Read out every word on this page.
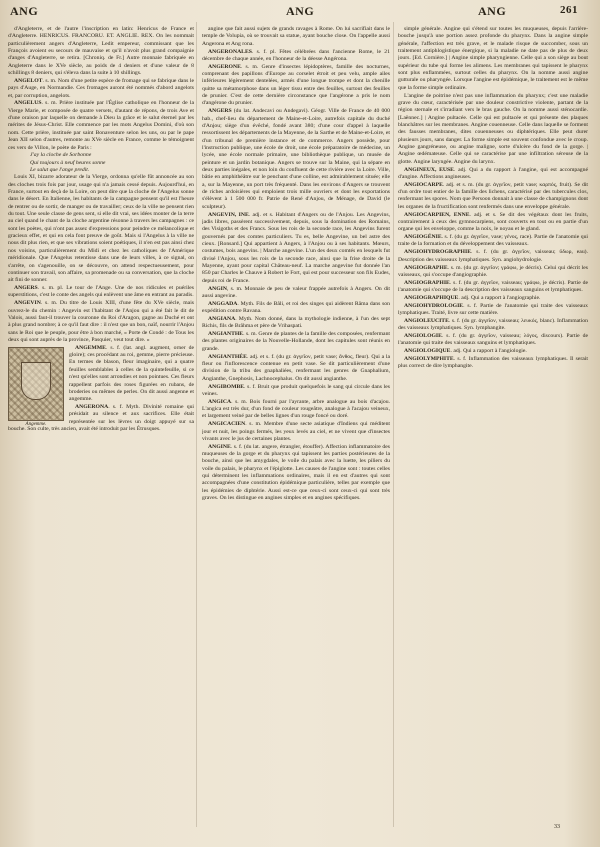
ANG	ANG	ANG	261

d'Angleterre, et de l'autre l'inscription en latin: Henricus de France et d'Angleterre. HENRICUS. FRANCORU. ET. ANGLIE. REX. On les nommait particulièrement angers d'Angleterre, Ledit empereur, commissant que les François avoient eu secours de mauvaise et qu'il n'avoit plus grand compaignie d'anges d'Angleterre, se retira. [Chroniq. de Fr.] Autre monnaie fabriquée en Angleterre dans le XVe siècle, au poids de 4 deniers et d'une valeur de 8 schillings 8 deniers, qui s'éleva dans la suite à 10 shillings.

ANGELOT. s. m. Nom d'une petite espèce de fromage qui se fabrique dans le pays d'Auge, en Normandie. Ces fromages auront été nommés d'abord angelots et, par corruption, angelots.

ANGELUS. s. m. Prière instituée par l'Église catholique en l'honneur de la Vierge Marie, et composée de quatre versets, d'autant de répons, de trois Ave et d'une oraison par laquelle on demande à Dieu la grâce et le salut éternel par les mérites de Jésus-Christ. Elle commence par les mots Angelus Domini, d'où son nom. Cette prière, instituée par saint Bonaventure selon les uns, ou par le pape Jean XII selon d'autres, remonte au XVe siècle en France, comme le témoignent ces vers de Villon, le poète de Paris :

J'ay la cloche de Sorbonne

Qui toujours à neuf heures sonne

Le salut que l'ange predit.

Louis XI, bizarre adorateur de la Vierge, ordonna qu'elle fût annoncée au son des cloches trois fois par jour, usage qui n'a jamais cessé depuis. Aujourd'hui, en France, surtout en deçà de la Loire, on peut dire que la cloche de l'Angelus sonne dans le désert. En Italienne, les habitants de la campagne pensent qu'il est l'heure de rentrer ou de sortir, de manger ou de travailler; ceux de la ville ne pensent rien du tout. Une seule classe de gens sent, si elle dit vrai, ses idées monter de la terre au ciel quand le chant de la cloche argentine résonne à travers les campagnes : ce sont les poètes, qui n'ont pas assez d'expressions pour peindre ce mélancolique et gracieux effet, et qui en cela font preuve de goût. Mais si l'Angelus à la ville ne nous dit plus rien, et que ses vibrations soient poétiques, il n'en est pas ainsi chez nos voisins, particulièrement du Midi et chez les catholiques de l'Amérique méridionale. Que l'Angelus retentisse dans une de leurs villes, à ce signal, on s'arrête, on s'agenouille, on se découvre, on attend respectueusement, pour continuer son travail, son affaire, sa promenade ou sa conversation, que la cloche ait fini de sonner.

ANGERS. s. m. pl. Le tour de l'Ange. Une de nos ridicules et puériles superstitions, c'est le conte des angels qui enlèvent une âme en entrant au paradis.

ANGEVIN. s. m. Du titre de Louis XIII, d'une fête du XVe siècle, mais ouvrez-le du chemin : Angevin est l'habitant de l'Anjou qui a été fait le dit de Valois, aussi faut-il trouver la couronne du Roi d'Aragon, gagne au Duché et ont à plus grand nombre; à ce qu'il faut dire : il n'est que un bon, naïf, nourrir l'Anjou sans le Roi que le peuple, pour être à bon marché, « Porte de Condé : de Tous les deux qui sont auprès de la province, Pasquier, veut tout dire. »

Angemme.

ANGEMME. s. f. (lat. angl. augment, orner de gloire); ces procédant au roi, gemme, pierre précieuse. En termes de blason, fleur imaginaire, qui a quatre feuilles semblables à celles de la quintefeuille, si ce n'est qu'elles sont arrondies et non pointues. Ces fleurs rappellent parfois des roses figurées en rubans, de broderies ou mêmes de perles. On dit aussi angenne et angemme.

ANGERONA. s. f. Myth. Divinité romaine qui présidait au silence et aux sacrifices. Elle était représentée sur les lèvres un doigt appuyé sur sa bouche. Son culte, très ancien, avait été introduit par les Étrusques.

angine que fait aussi sujets de grands ravages à Rome. On lui sacrifiait dans le temple de Volupia, où se trouvait sa statue, ayant bouche close. On l'appelle aussi Angerona et Ang rona.

ANGERONALES. s. f. pl. Fêtes célébrées dans l'ancienne Rome, le 21 décembre de chaque année, en l'honneur de la déesse Angérona.

ANGERONE. s. m. Genre d'insectes lépidoptères, famille des nocturnes, comprenant des papillons d'Europe au corselet étroit et peu velu, ample ailes inférieures légèrement dentelées, armés d'une longue trompe et dont la chenille quitte sa métamorphose dans un léger tissu entre des feuilles, surtout des feuilles de prunier. C'est de cette dernière circonstance que l'angérone a pris le nom d'angérone du prunier.

ANGERS (du lat. Andecavi ou Andegavi). Géogr. Ville de France de 40 000 hab., chef-lieu du département de Maine-et-Loire, autrefois capitale du duché d'Anjou; siège d'un évêché, fondé avant 380; d'une cour d'appel à laquelle ressortissent les départements de la Mayenne, de la Sarthe et de Maine-et-Loire, et d'un tribunal de première instance et de commerce. Angers possède, pour l'instruction publique, une école de droit, une école préparatoire de médecine, un lycée, une école normale primaire, une bibliothèque publique, un musée de peinture et un jardin botanique. Angers se trouve sur la Maine, qui la sépare en deux parties inégales, et non loin du confluent de cette rivière avec la Loire. Ville, bâtie en amphithéâtre sur le penchant d'une colline, est admirablement située; elle a, sur la Mayenne, un port très fréquenté. Dans les environs d'Angers se trouvent de riches ardoisières qui emploient trois mille ouvriers et dont les exportations s'élèvent à 1 500 000 fr. Patrie de René d'Anjou, de Ménage, de David (le sculpteur).

ANGEVIN, INE. adj. et s. Habitant d'Angers ou de l'Anjou. Les Angevins, jadis libres, passèrent successivement, depuis, sous la domination des Romains, des Visigoths et des Francs. Sous les rois de la seconde race, les Angevins furent gouvernés par des comtes particuliers. Tu es, belle Angevine, un bel astre des cieux. [Ronsard.] Qui appartient à Angers, à l'Anjou ou à ses habitants. Mœurs, costumes, bois angevins. | Marche angevine. L'un des deux comtés en lesquels fut divisé l'Anjou, sous les rois de la seconde race, ainsi que la frise droite de la Mayenne, ayant pour capital Château-neuf. La marche angevine fut donnée l'an 850 par Charles le Chauve à Robert le Fort, qui est pour successeur son fils Eudes, depuis roi de France.

ANGIN, s. m. Monnaie de peu de valeur frappée autrefois à Angers. On dit aussi angevine.

ANGGADA. Myth. Fils de Bâli, et roi des singes qui aidèrent Râma dans son expédition contre Ravana.

ANGIANA. Myth. Nom donné, dans la mythologie indienne, à l'un des sept Richis, fils de Brâhma et père de Vrihaspati.

ANGIANTHE. s. m. Genre de plantes de la famille des composées, renfermant des plantes originaires de la Nouvelle-Hollande, dont les capitules sont réunis en grande.

ANGIANTHÉE. adj. et s. f. (du gr. ἀγγεῖον, petit vase; ἄνθος, fleur). Qui a la fleur ou l'inflorescence contenue en petit vase. Se dit particulièrement d'une division de la tribu des gnaphaliées, renfermant les genres de Gnaphalium, Angianthe, Gnephosis, Lachnocephalus. On dit aussi angianthe.

ANGIBOMBE. s. f. Bruit que produit quelquefois le sang qui circule dans les veines.

ANGICA. s. m. Bois fourni par l'ayrante, arbre analogue au bois d'acajou. L'angica est très dur, d'un fond de couleur rougeâtre, analogue à l'acajou veineux, et largement veiné par de belles lignes d'un rouge foncé ou doré.

ANGICACIEN. s. m. Membre d'une secte asiatique d'Indiens qui méditent jour et nuit, les poings fermés, les yeux levés au ciel, et ne vivent que d'insectes vivants avec le jus de certaines plantes.

ANGINE. s. f. (du lat. angere, étrangler, étouffer). Affection inflammatoire des muqueuses de la gorge et du pharynx qui tapissent les parties postérieures de la bouche, ainsi que les amygdales, le voile du palais avec la luette, les piliers du voile du palais, le pharynx et l'épiglotte. Les causes de l'angine sont : toutes celles qui déterminent les inflammations ordinaires, mais il en est d'autres qui sont accompagnées d'une constitution épidémique particulière, telles par exemple que les épidémies de diphtérie. Aussi est-ce que ceux-ci sont ceux-ci qui sont très graves. On les distingue en angines simples et en angines spécifiques.

simple générale. Angine qui s'étend sur toutes les muqueuses, depuis l'arrière-bouche jusqu'à une portion assez profonde du pharynx. Dans la angine simple générale, l'affection est très grave, et le malade risque de succomber, sous un traitement antiphlogistique énergique, si la maladie ne date pas de plus de deux jours. [Ed. Cornière.] | Angine simple pharyngienne. Celle qui a son siège au bout supérieur du tube qui forme les alimens. Les membranes qui tapissent le pharynx sont plus enflammées, surtout celles du pharynx. On la nomme aussi angine gutturale ou pharyngée. Lorsque l'angine est épidémique, le traitement est le même que la forme simple ordinaire.

L'angine de poitrine n'est pas une inflammation du pharynx; c'est une maladie grave du cœur, caractérisée par une douleur constrictive violente, partant de la région sternale et s'irradiant vers le bras gauche. On la nomme aussi sténocardie. [Laënnec.] | Angine pultacée. Celle qui est pultacée et qui présente des plaques blanchâtres sur les membranes. Angine couenneuse. Celle dans laquelle se forment des fausses membranes, dites couenneuses ou diphtériques. Elle peut durer plusieurs jours, sans danger. La forme simple est souvent confondue avec le croup. Angine gangréneuse, ou angine maligne, sorte d'ulcère du fond de la gorge. | Angine œdémateuse. Celle qui se caractérise par une infiltration séreuse de la glotte. Angine laryngée. Angine du larynx.

ANGINEUX, EUSE. adj. Qui a du rapport à l'angine, qui est accompagné d'angine. Affections angineuses.

ANGIOCARPE. adj. et s. m. (du gr. ἀγγεῖον, petit vase; καρπός, fruit). Se dit d'un ordre tout entier de la famille des lichens, caractérisé par des tubercules clos, renfermant les spores. Nom que Persoon donnait à une classe de champignons dont les organes de la fructification sont renfermés dans une enveloppe générale.

ANGIOCARPIEN, ENNE. adj. et s. Se dit des végétaux dont les fruits, contrairement à ceux des gymnocarpiens, sont couverts en tout ou en partie d'un organe qui les enveloppe, comme la noix, le noyau et le gland.

ANGIOGÉNIE. s. f. (du gr. ἀγγεῖον, vase; γένος, race). Partie de l'anatomie qui traite de la formation et du développement des vaisseaux.

ANGIOHYDROGRAPHIE. s. f. (du gr. ἀγγεῖον, vaisseau; ὕδωρ, eau). Description des vaisseaux lymphatiques. Syn. angiohydrologie.

ANGIOGRAPHE. s. m. (du gr. ἀγγεῖον; γράφω, je décris). Celui qui décrit les vaisseaux, qui s'occupe d'angiographie.

ANGIOGRAPHIE. s. f. (du gr. ἀγγεῖον, vaisseau; γράφω, je décris). Partie de l'anatomie qui s'occupe de la description des vaisseaux sanguins et lymphatiques.

ANGIOGRAPHIQUE. adj. Qui a rapport à l'angiographie.

ANGIOHYDROLOGIE. s. f. Partie de l'anatomie qui traite des vaisseaux lymphatiques. Traité, livre sur cette matière.

ANGIOLEUCITE. s. f. (du gr. ἀγγεῖον, vaisseau; λευκός, blanc). Inflammation des vaisseaux lymphatiques. Syn. lymphangite.

ANGIOLOGIE. s. f. (du gr. ἀγγεῖον, vaisseau; λόγος, discours). Partie de l'anatomie qui traite des vaisseaux sanguins et lymphatiques.

ANGIOLOGIQUE. adj. Qui a rapport à l'angiologie.

ANGIOLYMPHITE. s. f. Inflammation des vaisseaux lymphatiques. Il serait plus correct de dire lymphangite.

33
